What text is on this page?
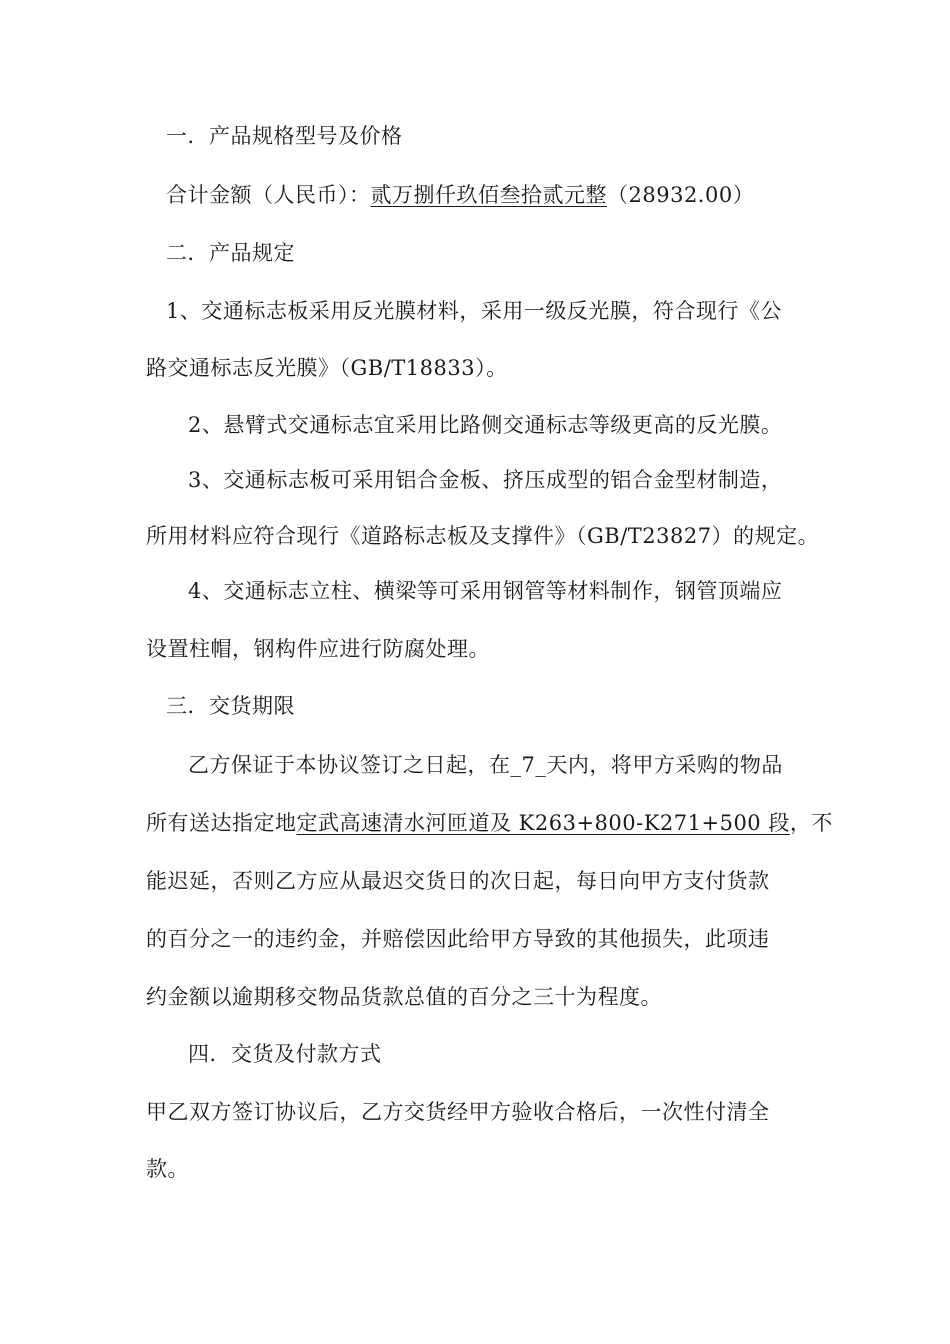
一．产品规格型号及价格
合计金额（人民币）：贰万捌仟玖佰叁拾贰元整（28932.00）
二．产品规定
1、交通标志板采用反光膜材料，采用一级反光膜，符合现行《公
路交通标志反光膜》（GB/T18833）。
2、悬臂式交通标志宜采用比路侧交通标志等级更高的反光膜。
3、交通标志板可采用铝合金板、挤压成型的铝合金型材制造，
所用材料应符合现行《道路标志板及支撑件》（GB/T23827）的规定。
4、交通标志立柱、横梁等可采用钢管等材料制作，钢管顶端应
设置柱帽，钢构件应进行防腐处理。
三．交货期限
乙方保证于本协议签订之日起，在_7_天内，将甲方采购的物品
所有送达指定地定武高速清水河匝道及 K263+800-K271+500 段，不
能迟延，否则乙方应从最迟交货日的次日起，每日向甲方支付货款
的百分之一的违约金，并赔偿因此给甲方导致的其他损失，此项违
约金额以逾期移交物品货款总值的百分之三十为程度。
四．交货及付款方式
甲乙双方签订协议后，乙方交货经甲方验收合格后，一次性付清全
款。
